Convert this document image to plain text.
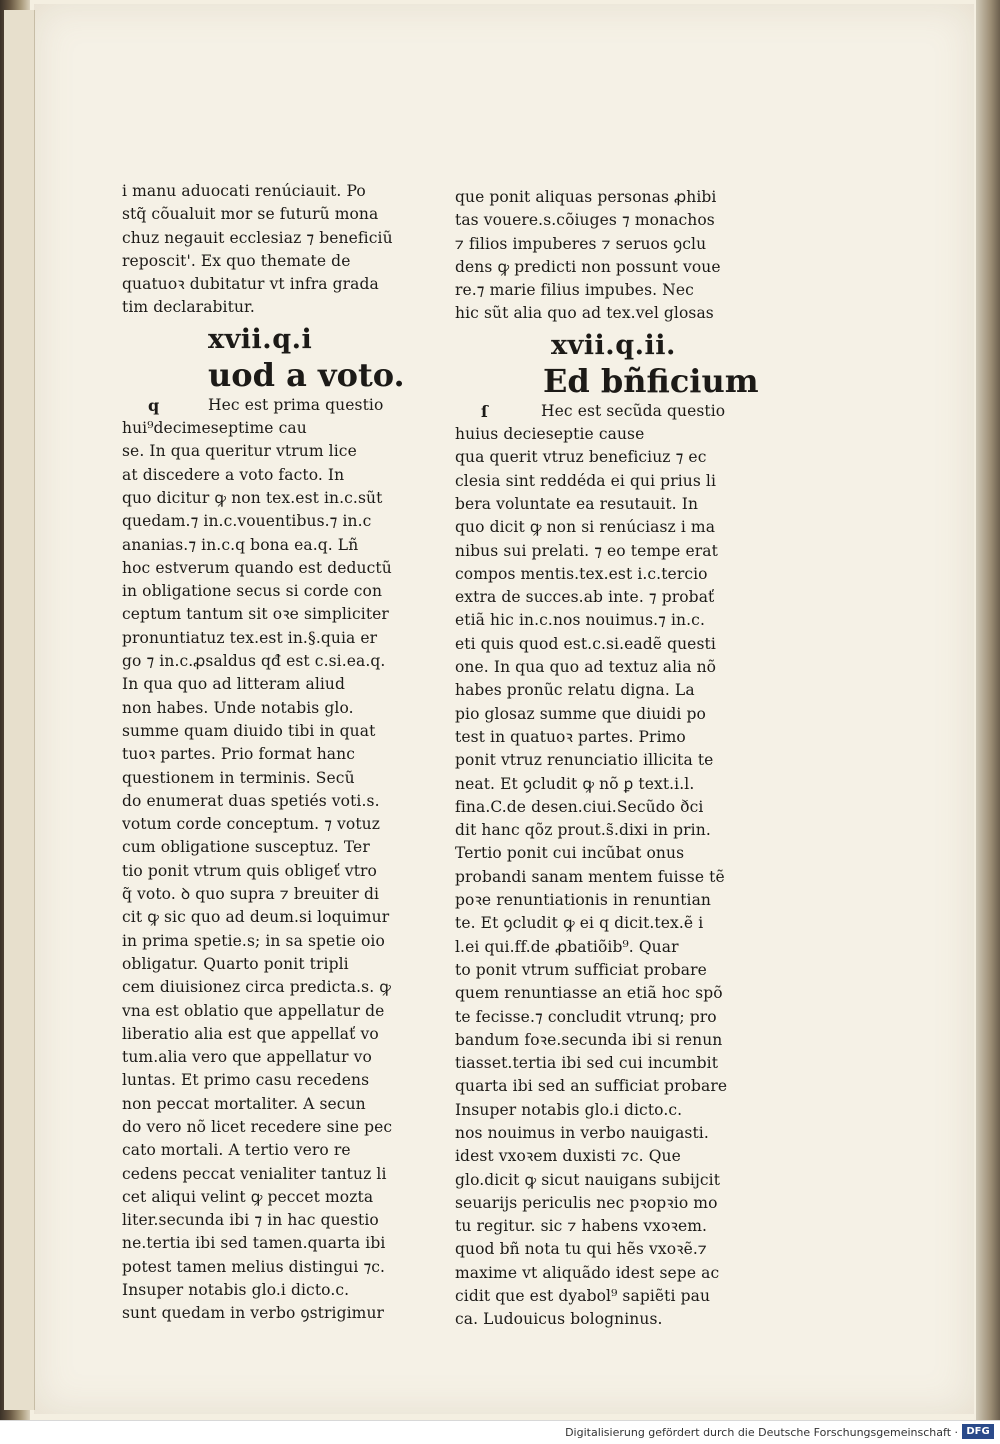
i manu aduocati renúciauit. Po
stq̃ cõualuit mor se futurũ mona
chuz negauit ecclesiaz ⁊ beneficiũ
reposcit'. Ex quo themate de
quatuoꝛ dubitatur vt infra grada
tim declarabitur.
xvii.q.i
uod a voto.
q	Hec est prima questio
hui⁹decimeseptime cau
se. In qua queritur vtrum lice
at discedere a voto facto. In
quo dicitur ꝙ non tex.est in.c.sũt
quedam.⁊ in.c.vouentibus.⁊ in.c
ananias.⁊ in.c.q bona ea.q. Lñ
hoc estverum quando est deductũ
in obligatione secus si corde con
ceptum tantum sit oꝛe simpliciter
pronuntiatuz tex.est in.§.quia er
go ⁊ in.c.ꝓsaldus qđ est c.si.ea.q.
In qua quo ad litteram aliud
non habes. Unde notabis glo.
summe quam diuido tibi in quat
tuoꝛ partes. Prio format hanc
questionem in terminis. Secũ
do enumerat duas spetiés voti.s.
votum corde conceptum. ⁊ votuz
cum obligatione susceptuz. Ter
tio ponit vtrum quis obligeť vtro
q̃ voto. ꝺ quo supra ⁊ breuiter di
cit ꝙ sic quo ad deum.si loquimur
in prima spetie.s; in sa spetie oio
obligatur. Quarto ponit tripli
cem diuisionez circa predicta.s. ꝙ
vna est oblatio que appellatur de
liberatio alia est que appellať vo
tum.alia vero que appellatur vo
luntas. Et primo casu recedens
non peccat mortaliter. A secun
do vero nõ licet recedere sine pec
cato mortali. A tertio vero re
cedens peccat venialiter tantuz li
cet aliqui velint ꝙ peccet mozta
liter.secunda ibi ⁊ in hac questio
ne.tertia ibi sed tamen.quarta ibi
potest tamen melius distingui ⁊c.
Insuper notabis glo.i dicto.c.
sunt quedam in verbo ꝯstrigimur
que ponit aliquas personas ꝓhibi
tas vouere.s.cõiuges ⁊ monachos
⁊ filios impuberes ⁊ seruos ꝯclu
dens ꝙ predicti non possunt voue
re.⁊ marie filius impubes. Nec
hic sũt alia quo ad tex.vel glosas
xvii.q.ii.
Ed bñficium
ſ	Hec est secũda questio
huius decieseptie cause
qua querit vtruz beneficiuz ⁊ ec
clesia sint reddéda ei qui prius li
bera voluntate ea resutauit. In
quo dicit ꝙ non si renúciasz i ma
nibus sui prelati. ⁊ eo tempe erat
compos mentis.tex.est i.c.tercio
extra de succes.ab inte. ⁊ probať
etiã hic in.c.nos nouimus.⁊ in.c.
eti quis quod est.c.si.eadẽ questi
one. In qua quo ad textuz alia nõ
habes pronũc relatu digna. La
pio glosaz summe que diuidi po
test in quatuoꝛ partes. Primo
ponit vtruz renunciatio illicita te
neat. Et ꝯcludit ꝙ nõ ꝑ text.i.l.
fina.C.de desen.ciui.Secũdo ðci
dit hanc qõz prout.s̃.dixi in prin.
Tertio ponit cui incũbat onus
probandi sanam mentem fuisse tẽ
poꝛe renuntiationis in renuntian
te. Et ꝯcludit ꝙ ei q dicit.tex.ẽ i
l.ei qui.ff.de ꝓbatiõib⁹. Quar
to ponit vtrum sufficiat probare
quem renuntiasse an etiã hoc spõ
te fecisse.⁊ concludit vtrunq; pro
bandum foꝛe.secunda ibi si renun
tiasset.tertia ibi sed cui incumbit
quarta ibi sed an sufficiat probare
Insuper notabis glo.i dicto.c.
nos nouimus in verbo nauigasti.
idest vxoꝛem duxisti ⁊c. Que
glo.dicit ꝙ sicut nauigans subijcit
seuarijs periculis nec pꝛopꝛio mo
tu regitur. sic ⁊ habens vxoꝛem.
quod bñ nota tu qui hẽs vxoꝛẽ.⁊
maxime vt aliquãdo idest sepe ac
cidit que est dyabol⁹ sapiẽti pau
ca. Ludouicus bologninus.
Digitalisierung gefördert durch die Deutsche Forschungsgemeinschaft · DFG
